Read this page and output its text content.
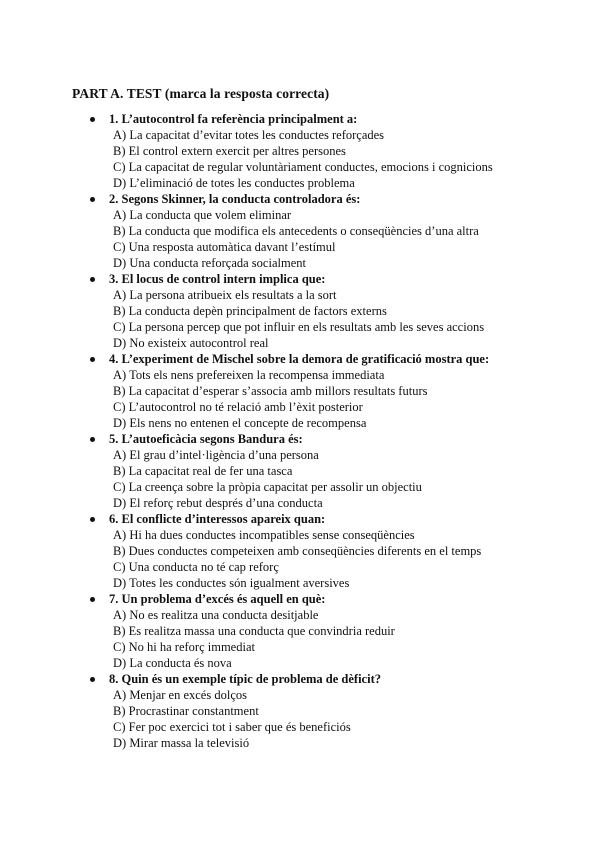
PART A. TEST (marca la resposta correcta)
1. L’autocontrol fa referència principalment a:
A) La capacitat d’evitar totes les conductes reforçades
B) El control extern exercit per altres persones
C) La capacitat de regular voluntàriament conductes, emocions i cognicions
D) L’eliminació de totes les conductes problema
2. Segons Skinner, la conducta controladora és:
A) La conducta que volem eliminar
B) La conducta que modifica els antecedents o conseqüències d’una altra
C) Una resposta automàtica davant l’estímul
D) Una conducta reforçada socialment
3. El locus de control intern implica que:
A) La persona atribueix els resultats a la sort
B) La conducta depèn principalment de factors externs
C) La persona percep que pot influir en els resultats amb les seves accions
D) No existeix autocontrol real
4. L’experiment de Mischel sobre la demora de gratificació mostra que:
A) Tots els nens prefereixen la recompensa immediata
B) La capacitat d’esperar s’associa amb millors resultats futurs
C) L’autocontrol no té relació amb l’èxit posterior
D) Els nens no entenen el concepte de recompensa
5. L’autoeficàcia segons Bandura és:
A) El grau d’intel·ligència d’una persona
B) La capacitat real de fer una tasca
C) La creença sobre la pròpia capacitat per assolir un objectiu
D) El reforç rebut després d’una conducta
6. El conflicte d’interessos apareix quan:
A) Hi ha dues conductes incompatibles sense conseqüències
B) Dues conductes competeixen amb conseqüències diferents en el temps
C) Una conducta no té cap reforç
D) Totes les conductes són igualment aversives
7. Un problema d’excés és aquell en què:
A) No es realitza una conducta desitjable
B) Es realitza massa una conducta que convindria reduir
C) No hi ha reforç immediat
D) La conducta és nova
8. Quin és un exemple típic de problema de dèficit?
A) Menjar en excés dolços
B) Procrastinar constantment
C) Fer poc exercici tot i saber que és beneficiós
D) Mirar massa la televisió
